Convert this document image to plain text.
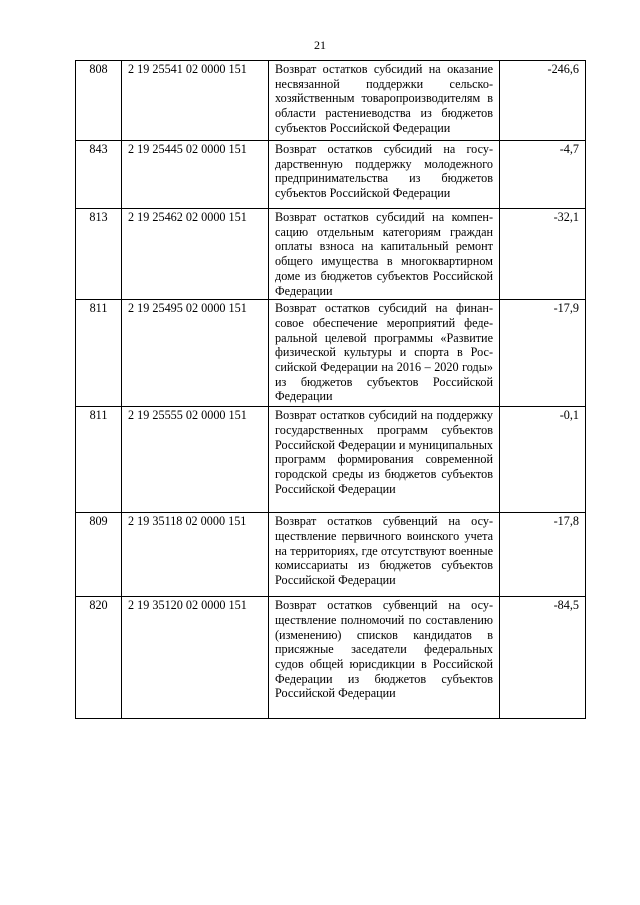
21
808	2 19 25541 02 0000 151	Возврат остатков субсидий на оказание несвязанной поддержки сельскохозяйственным товаропроизводителям в области растениеводства из бюджетов субъектов Российской Федерации	-246,6
843	2 19 25445 02 0000 151	Возврат остатков субсидий на государственную поддержку молодежного предпринимательства из бюджетов субъектов Российской Федерации	-4,7
813	2 19 25462 02 0000 151	Возврат остатков субсидий на компенсацию отдельным категориям граждан оплаты взноса на капитальный ремонт общего имущества в многоквартирном доме из бюджетов субъектов Российской Федерации	-32,1
811	2 19 25495 02 0000 151	Возврат остатков субсидий на финансовое обеспечение мероприятий федеральной целевой программы «Развитие физической культуры и спорта в Российской Федерации на 2016 – 2020 годы» из бюджетов субъектов Российской Федерации	-17,9
811	2 19 25555 02 0000 151	Возврат остатков субсидий на поддержку государственных программ субъектов Российской Федерации и муниципальных программ формирования современной городской среды из бюджетов субъектов Российской Федерации	-0,1
809	2 19 35118 02 0000 151	Возврат остатков субвенций на осуществление первичного воинского учета на территориях, где отсутствуют военные комиссариаты из бюджетов субъектов Российской Федерации	-17,8
820	2 19 35120 02 0000 151	Возврат остатков субвенций на осуществление полномочий по составлению (изменению) списков кандидатов в присяжные заседатели федеральных судов общей юрисдикции в Российской Федерации из бюджетов субъектов Российской Федерации	-84,5
